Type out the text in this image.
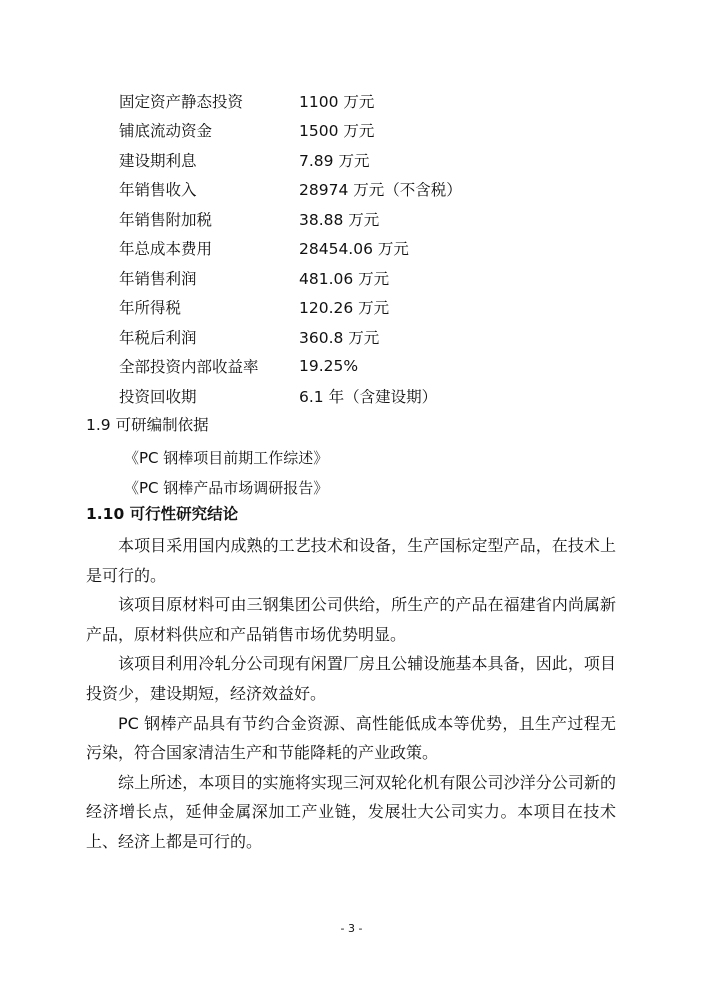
固定资产静态投资	1100 万元
铺底流动资金	1500 万元
建设期利息	7.89 万元
年销售收入	28974 万元（不含税）
年销售附加税	38.88 万元
年总成本费用	28454.06 万元
年销售利润	481.06 万元
年所得税	120.26 万元
年税后利润	360.8 万元
全部投资内部收益率	19.25%
投资回收期	6.1 年（含建设期）
1.9 可研编制依据
《PC 钢棒项目前期工作综述》
《PC 钢棒产品市场调研报告》
1.10 可行性研究结论

本项目采用国内成熟的工艺技术和设备，生产国标定型产品，在技术上是可行的。

该项目原材料可由三钢集团公司供给，所生产的产品在福建省内尚属新产品，原材料供应和产品销售市场优势明显。

该项目利用冷轧分公司现有闲置厂房且公辅设施基本具备，因此，项目投资少，建设期短，经济效益好。

PC 钢棒产品具有节约合金资源、高性能低成本等优势，且生产过程无污染，符合国家清洁生产和节能降耗的产业政策。

综上所述，本项目的实施将实现三河双轮化机有限公司沙洋分公司新的经济增长点，延伸金属深加工产业链，发展壮大公司实力。本项目在技术上、经济上都是可行的。

- 3 -
